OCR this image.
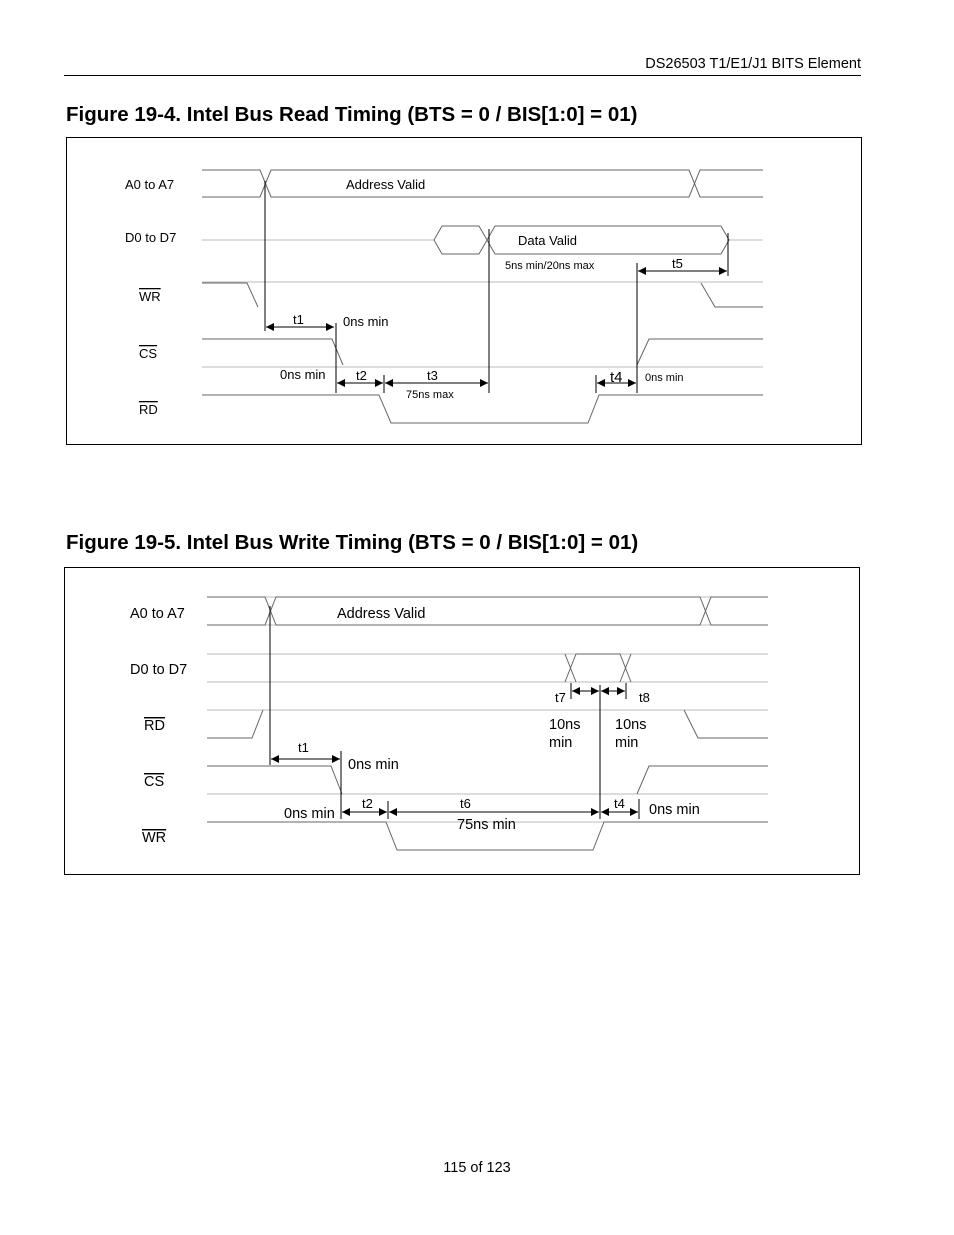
DS26503 T1/E1/J1 BITS Element
Figure 19-4. Intel Bus Read Timing (BTS = 0 / BIS[1:0] = 01)
A0 to A7
D0 to D7
WR
CS
RD
Address Valid
Data Valid
t5
t1	0ns min
0ns min t2	t3
5ns min/20ns max
75ns max
t4 0ns min
Figure 19-5. Intel Bus Write Timing (BTS = 0 / BIS[1:0] = 01)
A0 to A7
D0 to D7
RD
CS
WR
Address Valid
0ns min
0ns min
75ns min
0ns min
10ns
min
10ns
min
t1
t2	t6	t4
t7	t8
115 of 123
